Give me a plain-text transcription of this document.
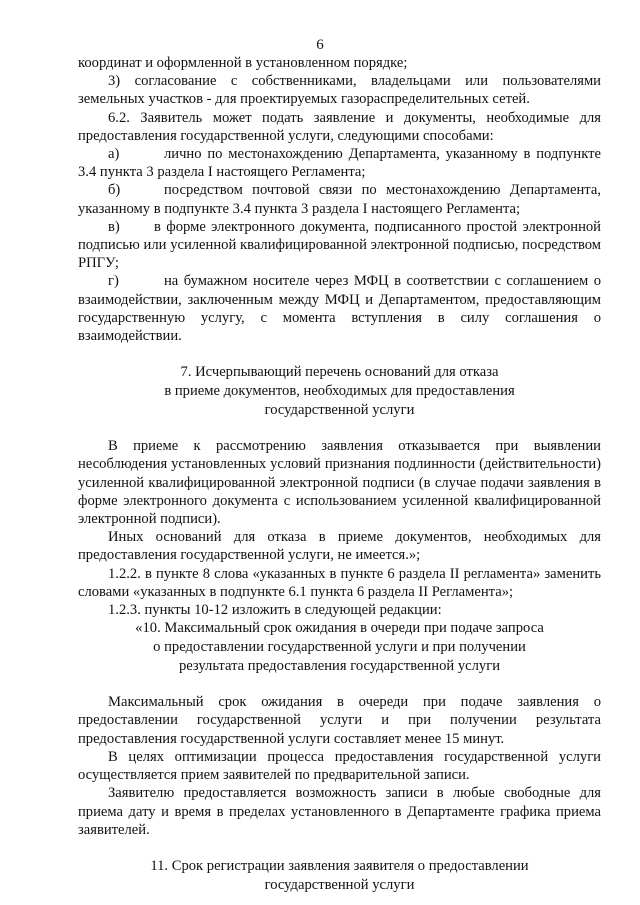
6

координат и оформленной в установленном порядке;

3) согласование с собственниками, владельцами или пользователями земельных участков - для проектируемых газораспределительных сетей.

6.2. Заявитель может подать заявление и документы, необходимые для предоставления государственной услуги, следующими способами:

а)	лично по местонахождению Департамента, указанному в подпункте 3.4 пункта 3 раздела I настоящего Регламента;

б)	посредством почтовой связи по местонахождению Департамента, указанному в подпункте 3.4 пункта 3 раздела I настоящего Регламента;

в) в форме электронного документа, подписанного простой электронной подписью или усиленной квалифицированной электронной подписью, посредством РПГУ;

г)	на бумажном носителе через МФЦ в соответствии с соглашением о взаимодействии, заключенным между МФЦ и Департаментом, предоставляющим государственную услугу, с момента вступления в силу соглашения о взаимодействии.

7. Исчерпывающий перечень оснований для отказа

в приеме документов, необходимых для предоставления

государственной услуги

В приеме к рассмотрению заявления отказывается при выявлении несоблюдения установленных условий признания подлинности (действительности) усиленной квалифицированной электронной подписи (в случае подачи заявления в форме электронного документа с использованием усиленной квалифицированной электронной подписи).

Иных оснований для отказа в приеме документов, необходимых для предоставления государственной услуги, не имеется.»;

1.2.2. в пункте 8 слова «указанных в пункте 6 раздела II регламента» заменить словами «указанных в подпункте 6.1 пункта 6 раздела II Регламента»;

1.2.3. пункты 10-12 изложить в следующей редакции:

«10. Максимальный срок ожидания в очереди при подаче запроса

о предоставлении государственной услуги и при получении

результата предоставления государственной услуги

Максимальный срок ожидания в очереди при подаче заявления о предоставлении государственной услуги и при получении результата предоставления государственной услуги составляет менее 15 минут.

В целях оптимизации процесса предоставления государственной услуги осуществляется прием заявителей по предварительной записи.

Заявителю предоставляется возможность записи в любые свободные для приема дату и время в пределах установленного в Департаменте графика приема заявителей.

11. Срок регистрации заявления заявителя о предоставлении

государственной услуги
